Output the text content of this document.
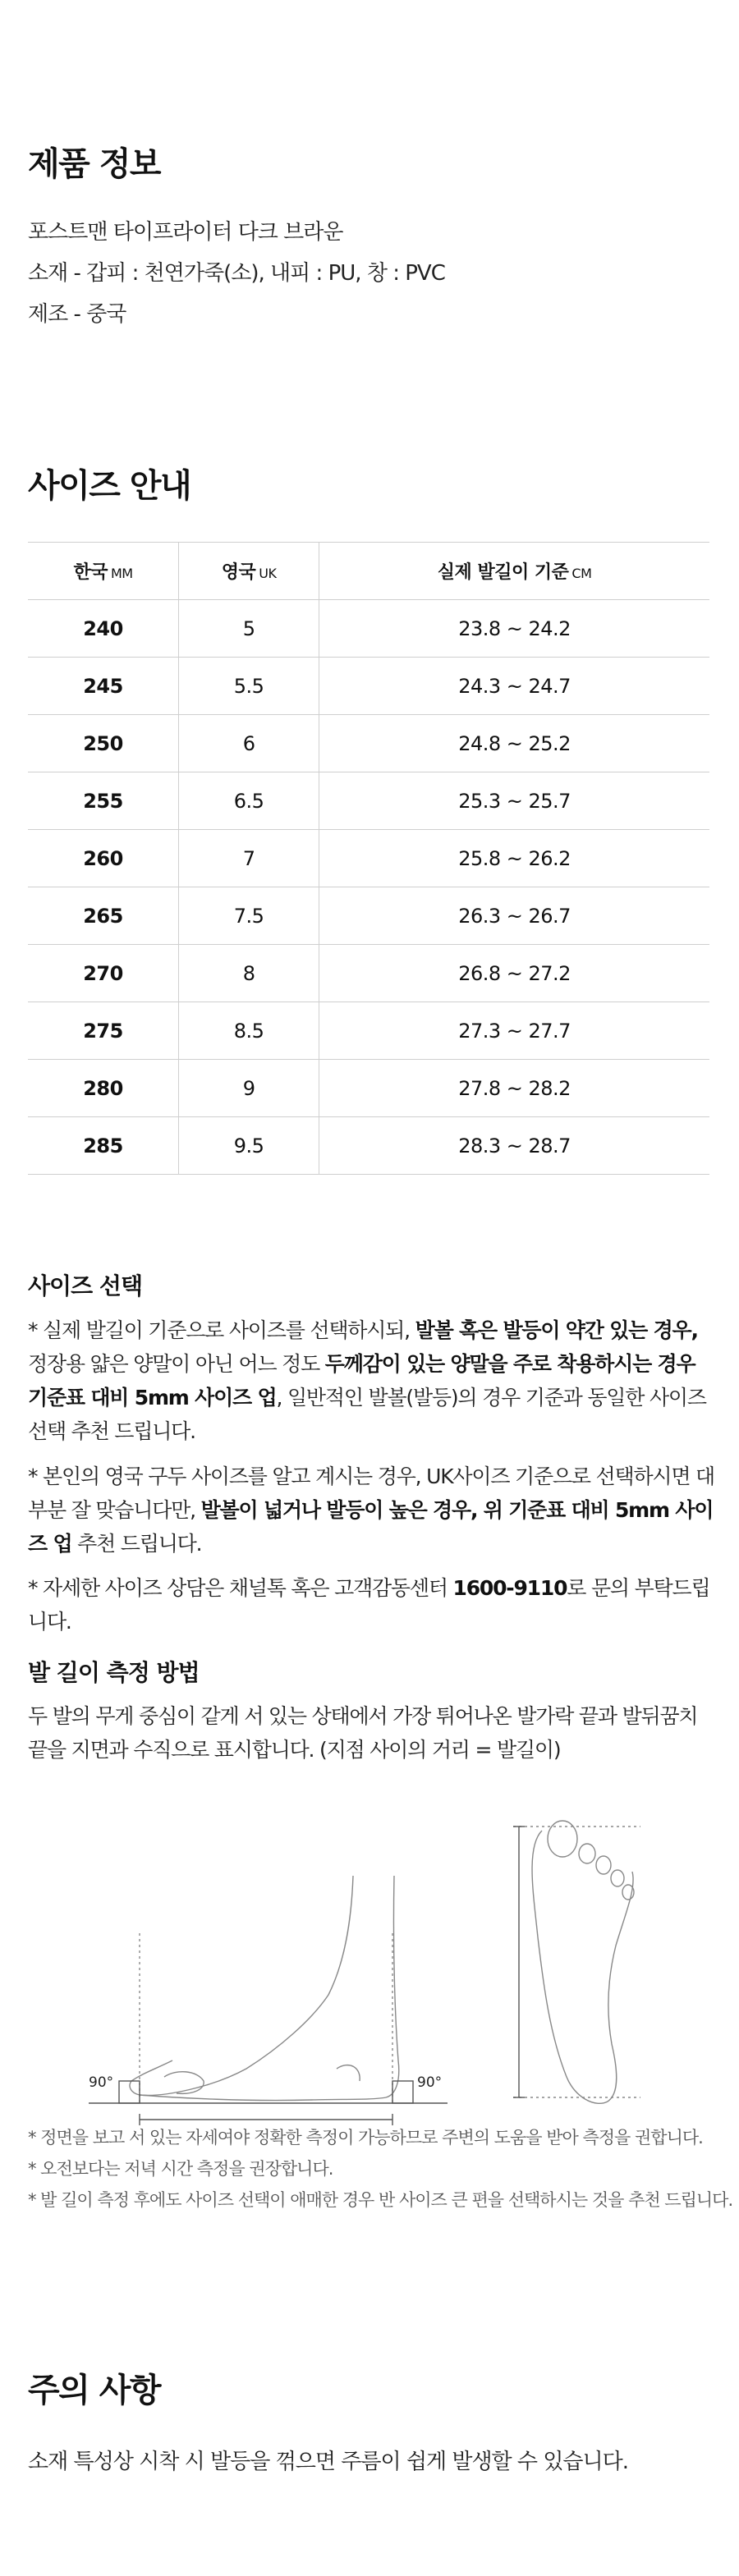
제품 정보
포스트맨 타이프라이터 다크 브라운
소재 - 갑피 : 천연가죽(소), 내피 : PU, 창 : PVC
제조 - 중국
사이즈 안내
한국 MM	영국 UK	실제 발길이 기준 CM
240	5	23.8 ~ 24.2
245	5.5	24.3 ~ 24.7
250	6	24.8 ~ 25.2
255	6.5	25.3 ~ 25.7
260	7	25.8 ~ 26.2
265	7.5	26.3 ~ 26.7
270	8	26.8 ~ 27.2
275	8.5	27.3 ~ 27.7
280	9	27.8 ~ 28.2
285	9.5	28.3 ~ 28.7
사이즈 선택
* 실제 발길이 기준으로 사이즈를 선택하시되, 발볼 혹은 발등이 약간 있는 경우, 정장용 얇은 양말이 아닌 어느 정도 두께감이 있는 양말을 주로 착용하시는 경우 기준표 대비 5mm 사이즈 업, 일반적인 발볼(발등)의 경우 기준과 동일한 사이즈 선택 추천 드립니다.
* 본인의 영국 구두 사이즈를 알고 계시는 경우, UK사이즈 기준으로 선택하시면 대부분 잘 맞습니다만, 발볼이 넓거나 발등이 높은 경우, 위 기준표 대비 5mm 사이즈 업 추천 드립니다.
* 자세한 사이즈 상담은 채널톡 혹은 고객감동센터 1600-9110로 문의 부탁드립니다.
발 길이 측정 방법
두 발의 무게 중심이 같게 서 있는 상태에서 가장 튀어나온 발가락 끝과 발뒤꿈치 끝을 지면과 수직으로 표시합니다. (지점 사이의 거리 = 발길이)
90°	90°
* 정면을 보고 서 있는 자세여야 정확한 측정이 가능하므로 주변의 도움을 받아 측정을 권합니다.
* 오전보다는 저녁 시간 측정을 권장합니다.
* 발 길이 측정 후에도 사이즈 선택이 애매한 경우 반 사이즈 큰 편을 선택하시는 것을 추천 드립니다.
주의 사항
소재 특성상 시착 시 발등을 꺾으면 주름이 쉽게 발생할 수 있습니다.
